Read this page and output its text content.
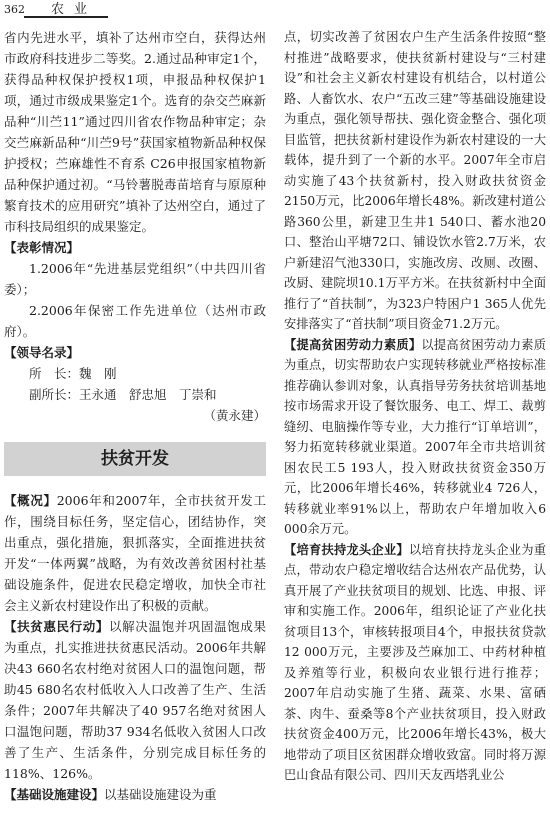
362 农业

省内先进水平，填补了达州市空白，获得达州市政府科技进步二等奖。2.通过品种审定1个，获得品种权保护授权1项，申报品种权保护1项，通过市级成果鉴定1个。选育的杂交苎麻新品种“川苎11”通过四川省农作物品种审定；杂交苎麻新品种“川苎9号”获国家植物新品种权保护授权；苎麻雄性不育系 C26申报国家植物新品种保护通过初。“马铃薯脱毒苗培育与原原种繁育技术的应用研究”填补了达州空白，通过了市科技局组织的成果鉴定。

【表彰情况】

1.2006年“先进基层党组织”（中共四川省委）；

2.2006年保密工作先进单位（达州市政府）。

【领导名录】

所　长：魏　刚

副所长：王永通　舒忠旭　丁崇和

（黄永建）

扶贫开发

【概况】2006年和2007年，全市扶贫开发工作，围绕目标任务，坚定信心，团结协作，突出重点，强化措施，狠抓落实，全面推进扶贫开发“一体两翼”战略，为有效改善贫困村社基础设施条件，促进农民稳定增收，加快全市社会主义新农村建设作出了积极的贡献。

【扶贫惠民行动】以解决温饱并巩固温饱成果为重点，扎实推进扶贫惠民活动。2006年共解决43 660名农村绝对贫困人口的温饱问题，帮助45 680名农村低收入人口改善了生产、生活条件；2007年共解决了40 957名绝对贫困人口温饱问题，帮助37 934名低收入贫困人口改善了生产、生活条件，分别完成目标任务的118%、126%。

【基础设施建设】以基础设施建设为重

点，切实改善了贫困农户生产生活条件按照“整村推进”战略要求，使扶贫新村建设与“三村建设”和社会主义新农村建设有机结合，以村道公路、人畜饮水、农户“五改三建”等基础设施建设为重点，强化领导帮扶、强化资金整合、强化项目监管，把扶贫新村建设作为新农村建设的一大载体，提升到了一个新的水平。2007年全市启动实施了43个扶贫新村，投入财政扶贫资金2150万元，比2006年增长48%。新改建村道公路360公里，新建卫生井1 540口、蓄水池20口、整治山平塘72口、铺设饮水管2.7万米，农户新建沼气池330口，实施改房、改厕、改圈、改厨、建院坝10.1万平方米。在扶贫新村中全面推行了“首扶制”，为323户特困户1 365人优先安排落实了“首扶制”项目资金71.2万元。

【提高贫困劳动力素质】以提高贫困劳动力素质为重点，切实帮助农户实现转移就业严格按标准推荐确认参训对象，认真指导劳务扶贫培训基地按市场需求开设了餐饮服务、电工、焊工、裁剪缝纫、电脑操作等专业，大力推行“订单培训”，努力拓宽转移就业渠道。2007年全市共培训贫困农民工5 193人，投入财政扶贫资金350万元，比2006年增长46%，转移就业4 726人，转移就业率91%以上，帮助农户年增加收入6 000余万元。

【培育扶持龙头企业】以培育扶持龙头企业为重点，带动农户稳定增收结合达州农产品优势，认真开展了产业扶贫项目的规划、比选、申报、评审和实施工作。2006年，组织论证了产业化扶贫项目13个，审核转报项目4个，申报扶贫贷款12 000万元，主要涉及苎麻加工、中药材种植及养殖等行业，积极向农业银行进行推荐；2007年启动实施了生猪、蔬菜、水果、富硒茶、肉牛、蚕桑等8个产业扶贫项目，投入财政扶贫资金400万元，比2006年增长43%，极大地带动了项目区贫困群众增收致富。同时将万源巴山食品有限公司、四川天友西塔乳业公
